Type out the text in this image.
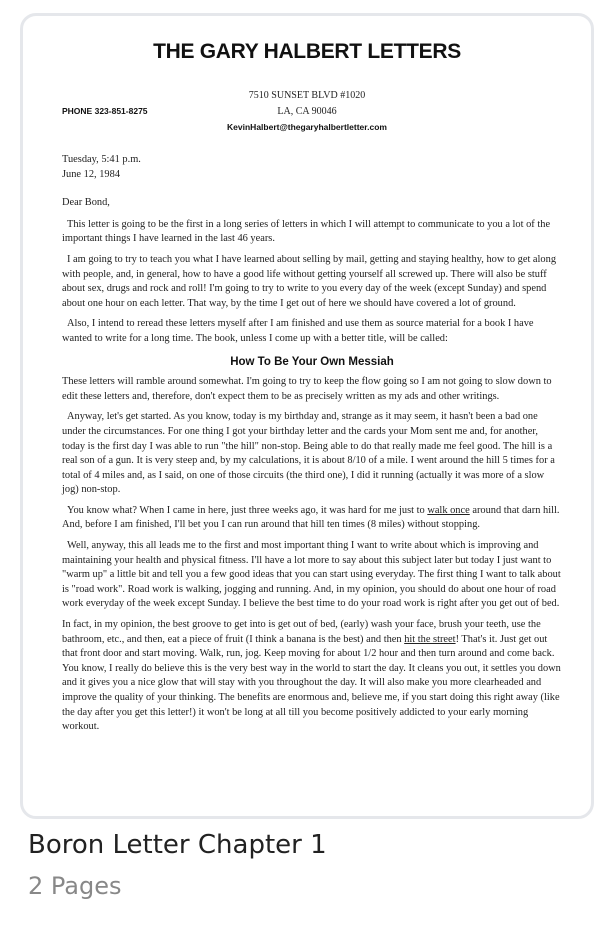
THE GARY HALBERT LETTERS
7510 SUNSET BLVD #1020
LA, CA 90046
PHONE 323-851-8275
KevinHalbert@thegaryhalbertletter.com

Tuesday, 5:41 p.m.

June 12, 1984

Dear Bond,

This letter is going to be the first in a long series of letters in which I will attempt to communicate to you a lot of the important things I have learned in the last 46 years.

I am going to try to teach you what I have learned about selling by mail, getting and staying healthy, how to get along with people, and, in general, how to have a good life without getting yourself all screwed up. There will also be stuff about sex, drugs and rock and roll! I'm going to try to write to you every day of the week (except Sunday) and spend about one hour on each letter. That way, by the time I get out of here we should have covered a lot of ground.

Also, I intend to reread these letters myself after I am finished and use them as source material for a book I have wanted to write for a long time. The book, unless I come up with a better title, will be called:

How To Be Your Own Messiah

These letters will ramble around somewhat. I'm going to try to keep the flow going so I am not going to slow down to edit these letters and, therefore, don't expect them to be as precisely written as my ads and other writings.

Anyway, let's get started. As you know, today is my birthday and, strange as it may seem, it hasn't been a bad one under the circumstances. For one thing I got your birthday letter and the cards your Mom sent me and, for another, today is the first day I was able to run "the hill" non-stop. Being able to do that really made me feel good. The hill is a real son of a gun. It is very steep and, by my calculations, it is about 8/10 of a mile. I went around the hill 5 times for a total of 4 miles and, as I said, on one of those circuits (the third one), I did it running (actually it was more of a slow jog) non-stop.

You know what? When I came in here, just three weeks ago, it was hard for me just to walk once around that darn hill. And, before I am finished, I'll bet you I can run around that hill ten times (8 miles) without stopping.

Well, anyway, this all leads me to the first and most important thing I want to write about which is improving and maintaining your health and physical fitness. I'll have a lot more to say about this subject later but today I just want to "warm up" a little bit and tell you a few good ideas that you can start using everyday. The first thing I want to talk about is "road work". Road work is walking, jogging and running. And, in my opinion, you should do about one hour of road work everyday of the week except Sunday. I believe the best time to do your road work is right after you get out of bed.

In fact, in my opinion, the best groove to get into is get out of bed, (early) wash your face, brush your teeth, use the bathroom, etc., and then, eat a piece of fruit (I think a banana is the best) and then hit the street! That's it. Just get out that front door and start moving. Walk, run, jog. Keep moving for about 1/2 hour and then turn around and come back. You know, I really do believe this is the very best way in the world to start the day. It cleans you out, it settles you down and it gives you a nice glow that will stay with you throughout the day. It will also make you more clearheaded and improve the quality of your thinking. The benefits are enormous and, believe me, if you start doing this right away (like the day after you get this letter!) it won't be long at all till you become positively addicted to your early morning workout.

Boron Letter Chapter 1
2 Pages
